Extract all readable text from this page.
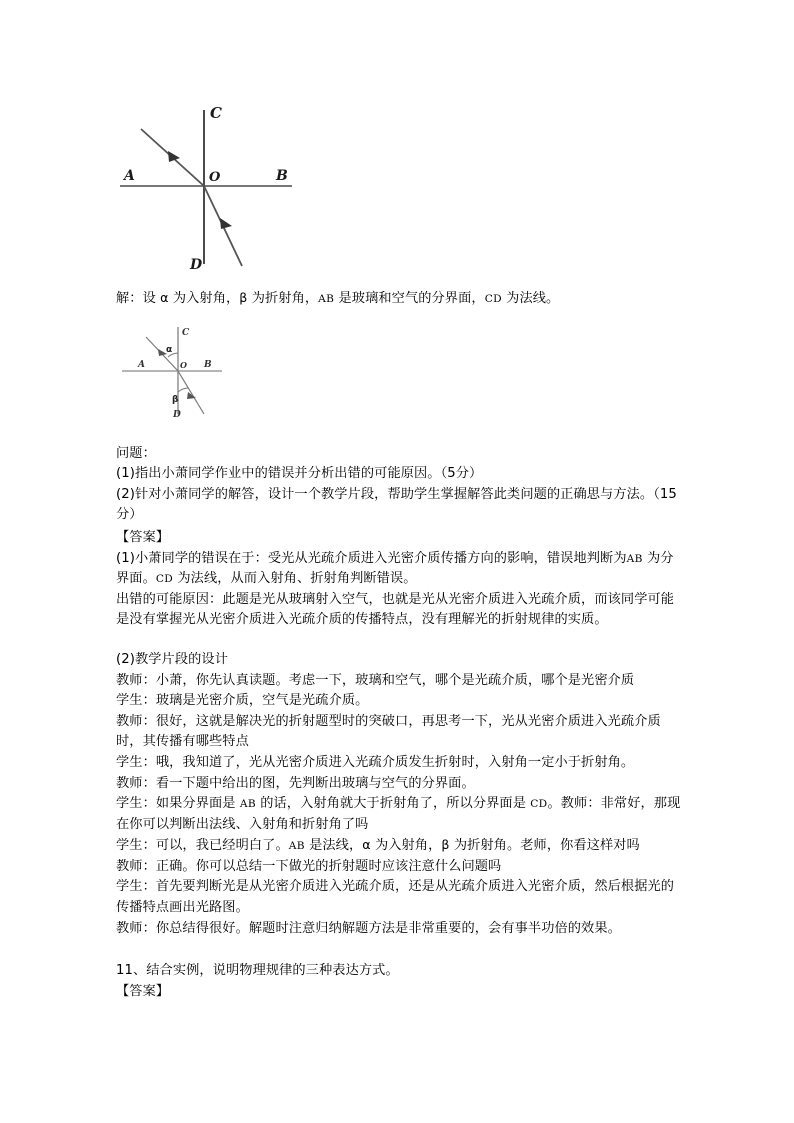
C
A	B
O
D
解：设 α 为入射角，β 为折射角，AB 是玻璃和空气的分界面，CD 为法线。
C
A	B
O
D
α
β
问题：
(1)指出小萧同学作业中的错误并分析出错的可能原因。（5分）
(2)针对小萧同学的解答，设计一个教学片段，帮助学生掌握解答此类问题的正确思与方法。（15分）
【答案】
(1)小萧同学的错误在于：受光从光疏介质进入光密介质传播方向的影响，错误地判断为AB 为分界面。CD 为法线，从而入射角、折射角判断错误。
出错的可能原因：此题是光从玻璃射入空气，也就是光从光密介质进入光疏介质，而该同学可能是没有掌握光从光密介质进入光疏介质的传播特点，没有理解光的折射规律的实质。
(2)教学片段的设计
教师：小萧，你先认真读题。考虑一下，玻璃和空气，哪个是光疏介质，哪个是光密介质
学生：玻璃是光密介质，空气是光疏介质。
教师：很好，这就是解决光的折射题型时的突破口，再思考一下，光从光密介质进入光疏介质时，其传播有哪些特点
学生：哦，我知道了，光从光密介质进入光疏介质发生折射时，入射角一定小于折射角。
教师：看一下题中给出的图，先判断出玻璃与空气的分界面。
学生：如果分界面是 AB 的话，入射角就大于折射角了，所以分界面是 CD。教师：非常好，那现在你可以判断出法线、入射角和折射角了吗
学生：可以，我已经明白了。AB 是法线，α 为入射角，β 为折射角。老师，你看这样对吗
教师：正确。你可以总结一下做光的折射题时应该注意什么问题吗
学生：首先要判断光是从光密介质进入光疏介质，还是从光疏介质进入光密介质，然后根据光的传播特点画出光路图。
教师：你总结得很好。解题时注意归纳解题方法是非常重要的，会有事半功倍的效果。
11、结合实例，说明物理规律的三种表达方式。
【答案】
